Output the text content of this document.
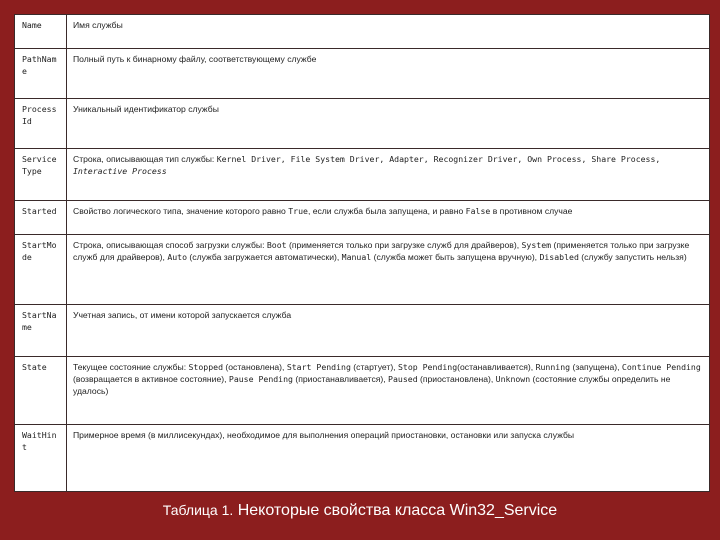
Name	Имя службы
PathName	Полный путь к бинарному файлу, соответствующему службе
ProcessId	Уникальный идентификатор службы
ServiceType	Строка, описывающая тип службы: Kernel Driver, File System Driver, Adapter, Recognizer Driver, Own Process, Share Process, Interactive Process
Started	Свойство логического типа, значение которого равно True, если служба была запущена, и равно False в противном случае
StartMode	Строка, описывающая способ загрузки службы: Boot (применяется только при загрузке служб для драйверов), System (применяется только при загрузке служб для драйверов), Auto (служба загружается автоматически), Manual (служба может быть запущена вручную), Disabled (службу запустить нельзя)
StartName	Учетная запись, от имени которой запускается служба
State	Текущее состояние службы: Stopped (остановлена), Start Pending (стартует), Stop Pending(останавливается), Running (запущена), Continue Pending (возвращается в активное состояние), Pause Pending (приостанавливается), Paused (приостановлена), Unknown (состояние службы определить не удалось)
WaitHint	Примерное время (в миллисекундах), необходимое для выполнения операций приостановки, остановки или запуска службы
Таблица 1. Некоторые свойства класса Win32_Service
